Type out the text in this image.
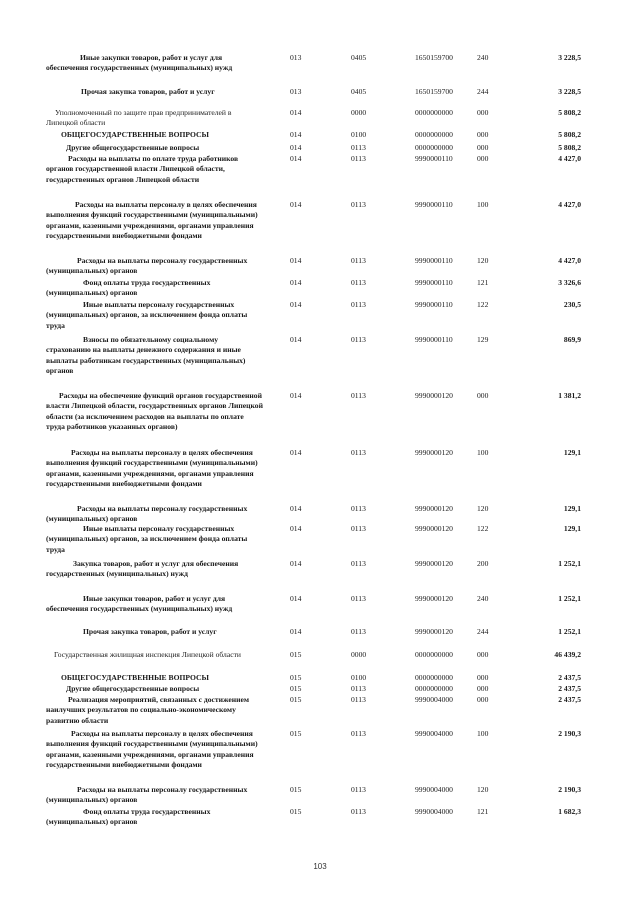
Иные закупки товаров, работ и услуг для обеспечения государственных (муниципальных) нужд
013	0405	1650159700	240	3 228,5
Прочая закупка товаров, работ и услуг	013	0405	1650159700	244	3 228,5
Уполномоченный по защите прав предпринимателей в Липецкой области
014	0000	0000000000	000	5 808,2
ОБЩЕГОСУДАРСТВЕННЫЕ ВОПРОСЫ	014	0100	0000000000	000	5 808,2
Другие общегосударственные вопросы	014	0113	0000000000	000	5 808,2
Расходы на выплаты по оплате труда работников органов государственной власти Липецкой области, государственных органов Липецкой области
014	0113	9990000110	000	4 427,0
Расходы на выплаты персоналу в целях обеспечения выполнения функций государственными (муниципальными) органами, казенными учреждениями, органами управления государственными внебюджетными фондами
014	0113	9990000110	100	4 427,0
Расходы на выплаты персоналу государственных (муниципальных) органов
014	0113	9990000110	120	4 427,0
Фонд оплаты труда государственных (муниципальных) органов
014	0113	9990000110	121	3 326,6
Иные выплаты персоналу государственных (муниципальных) органов, за исключением фонда оплаты труда
014	0113	9990000110	122	230,5
Взносы по обязательному социальному страхованию на выплаты денежного содержания и иные выплаты работникам государственных (муниципальных) органов
014	0113	9990000110	129	869,9
Расходы на обеспечение функций органов государственной власти Липецкой области, государственных органов Липецкой области (за исключением расходов на выплаты по оплате труда работников указанных органов)
014	0113	9990000120	000	1 381,2
Расходы на выплаты персоналу в целях обеспечения выполнения функций государственными (муниципальными) органами, казенными учреждениями, органами управления государственными внебюджетными фондами
014	0113	9990000120	100	129,1
Расходы на выплаты персоналу государственных (муниципальных) органов
014	0113	9990000120	120	129,1
Иные выплаты персоналу государственных (муниципальных) органов, за исключением фонда оплаты труда
014	0113	9990000120	122	129,1
Закупка товаров, работ и услуг для обеспечения государственных (муниципальных) нужд
014	0113	9990000120	200	1 252,1
Иные закупки товаров, работ и услуг для обеспечения государственных (муниципальных) нужд
014	0113	9990000120	240	1 252,1
Прочая закупка товаров, работ и услуг	014	0113	9990000120	244	1 252,1
Государственная жилищная инспекция Липецкой области	015	0000	0000000000	000	46 439,2
ОБЩЕГОСУДАРСТВЕННЫЕ ВОПРОСЫ	015	0100	0000000000	000	2 437,5
Другие общегосударственные вопросы	015	0113	0000000000	000	2 437,5
Реализация мероприятий, связанных с достижением наилучших результатов по социально-экономическому развитию области
015	0113	9990004000	000	2 437,5
Расходы на выплаты персоналу в целях обеспечения выполнения функций государственными (муниципальными) органами, казенными учреждениями, органами управления государственными внебюджетными фондами
015	0113	9990004000	100	2 190,3
Расходы на выплаты персоналу государственных (муниципальных) органов
015	0113	9990004000	120	2 190,3
Фонд оплаты труда государственных (муниципальных) органов
015	0113	9990004000	121	1 682,3
103
